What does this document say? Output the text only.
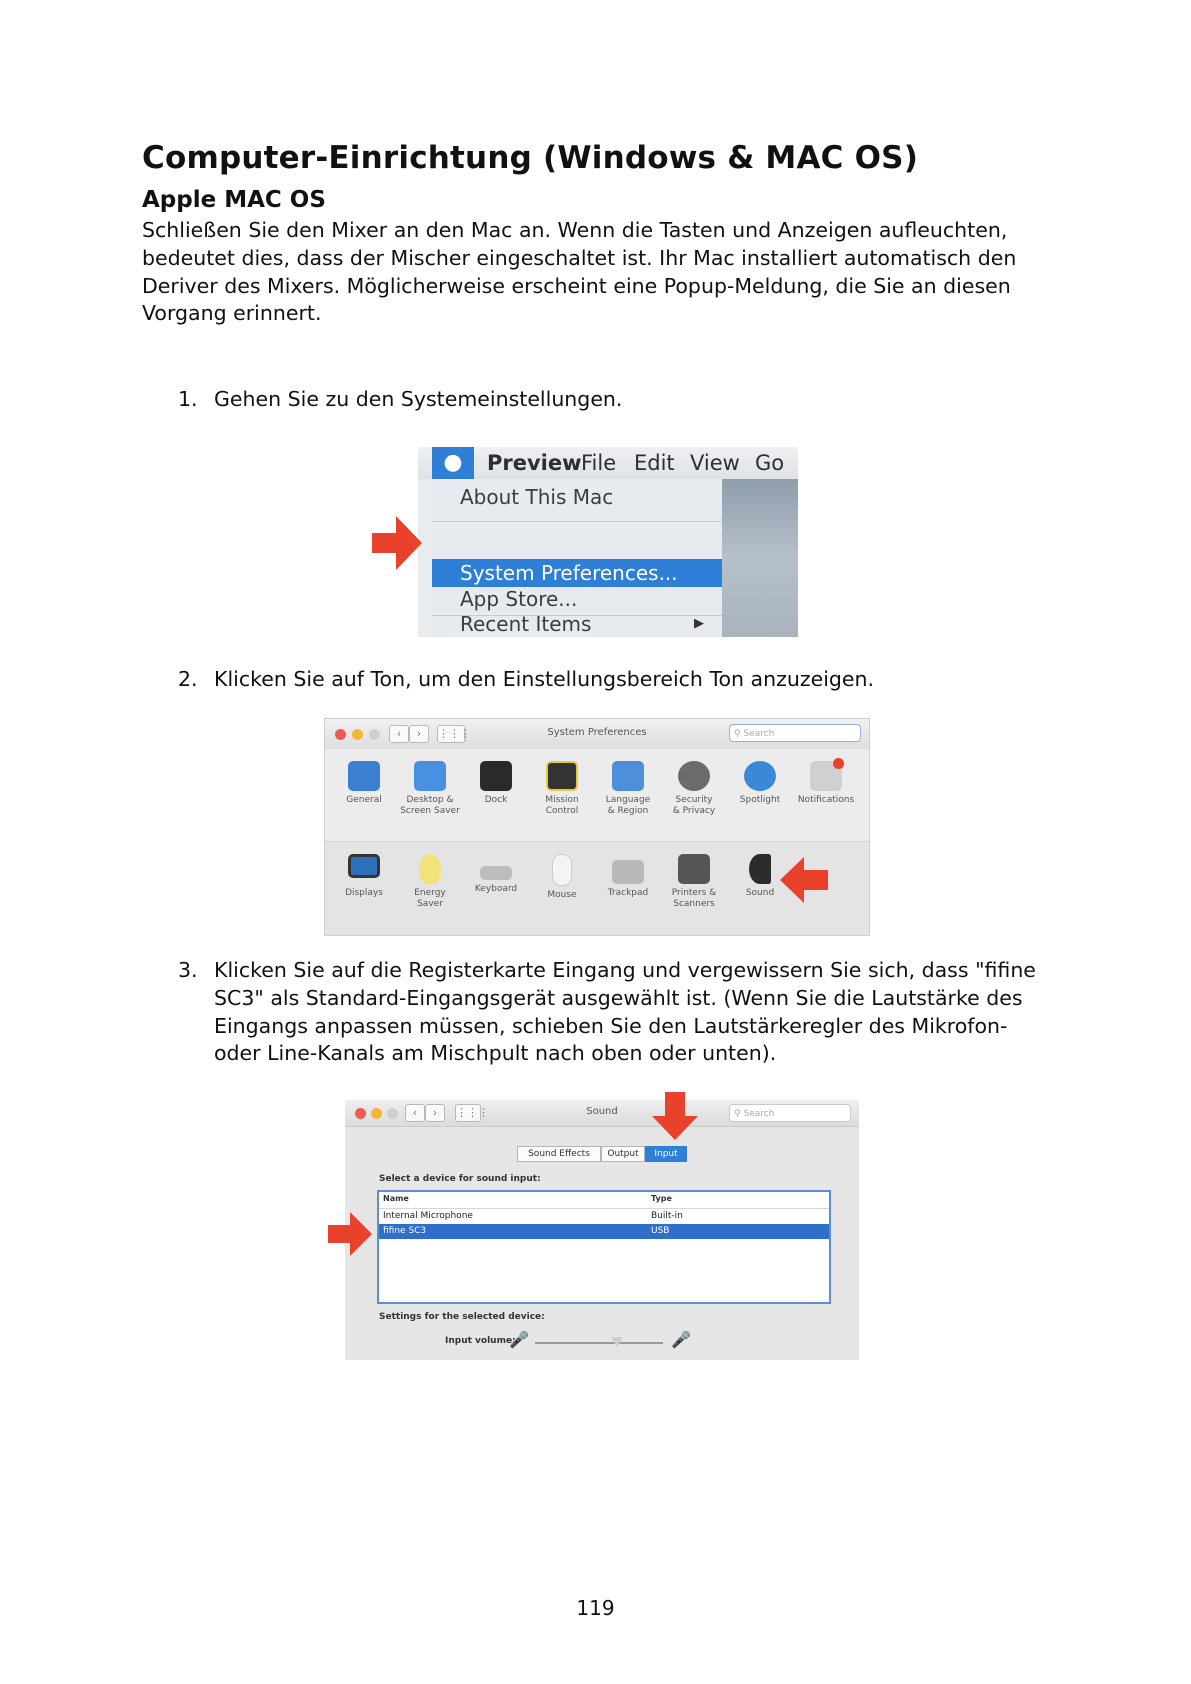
Computer-Einrichtung (Windows & MAC OS)
Apple MAC OS
Schließen Sie den Mixer an den Mac an. Wenn die Tasten und Anzeigen aufleuchten, bedeutet dies, dass der Mischer eingeschaltet ist. Ihr Mac installiert automatisch den Deriver des Mixers. Möglicherweise erscheint eine Popup-Meldung, die Sie an diesen Vorgang erinnert.
1. Gehen Sie zu den Systemeinstellungen.
●	Preview File Edit View Go
About This Mac
System Preferences...
App Store...
Recent Items	▶
2. Klicken Sie auf Ton, um den Einstellungsbereich Ton anzuzeigen.
‹	›	⋮⋮⋮	System Preferences	⚲ Search
General	Desktop &
Screen Saver
Dock	Mission
Control
Language
& Region
Security
& Privacy
Spotlight	Notifications
Displays	Energy
Saver
Keyboard
Mouse	Trackpad	Printers &
Scanners
Sound
3. Klicken Sie auf die Registerkarte Eingang und vergewissern Sie sich, dass "fifine SC3" als Standard-Eingangsgerät ausgewählt ist. (Wenn Sie die Lautstärke des Eingangs anpassen müssen, schieben Sie den Lautstärkeregler des Mikrofon- oder Line-Kanals am Mischpult nach oben oder unten).
‹	›	⋮⋮⋮	Sound	⚲ Search
Sound Effects	Output	Input
Select a device for sound input:
Name	Type
Internal Microphone	Built-in
fifine SC3	USB
Settings for the selected device:
Input volume:
🎤	🎤
119
